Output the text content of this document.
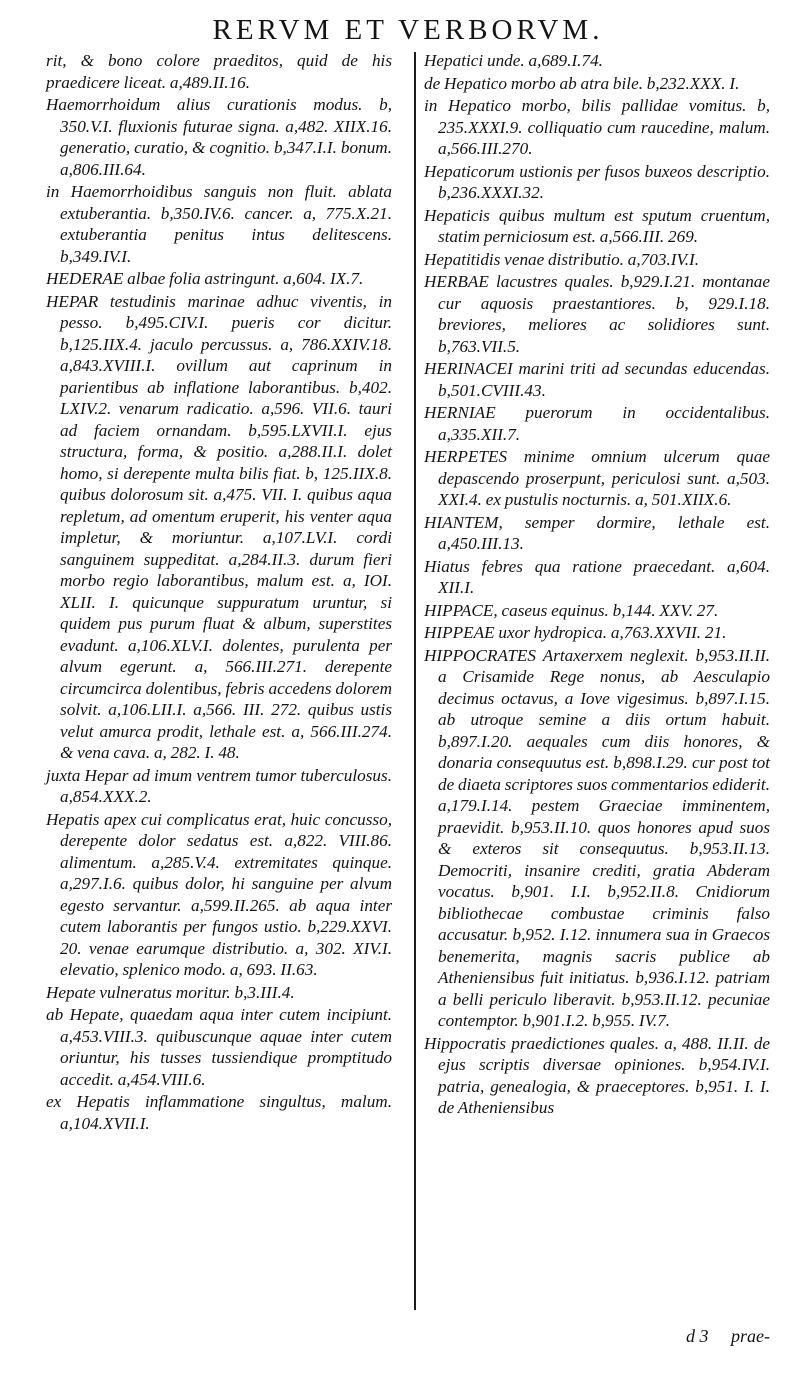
RERVM ET VERBORVM.

rit, & bono colore praeditos, quid de his praedicere liceat. a,489.II.16.

Haemorrhoidum alius curationis modus. b, 350.V.I. fluxionis futurae signa. a,482. XIIX.16. generatio, curatio, & cognitio. b,347.I.I. bonum. a,806.III.64.

in Haemorrhoidibus sanguis non fluit. ablata extuberantia. b,350.IV.6. cancer. a, 775.X.21. extuberantia penitus intus delitescens. b,349.IV.I.

HEDERAE albae folia astringunt. a,604. IX.7.

HEPAR testudinis marinae adhuc viventis, in pesso. b,495.CIV.I. pueris cor dicitur. b,125.IIX.4. jaculo percussus. a, 786.XXIV.18. a,843.XVIII.I. ovillum aut caprinum in parientibus ab inflatione laborantibus. b,402. LXIV.2. venarum radicatio. a,596. VII.6. tauri ad faciem ornandam. b,595.LXVII.I. ejus structura, forma, & positio. a,288.II.I. dolet homo, si derepente multa bilis fiat. b, 125.IIX.8. quibus dolorosum sit. a,475. VII. I. quibus aqua repletum, ad omentum eruperit, his venter aqua impletur, & moriuntur. a,107.LV.I. cordi sanguinem suppeditat. a,284.II.3. durum fieri morbo regio laborantibus, malum est. a, IOI. XLII. I. quicunque suppuratum uruntur, si quidem pus purum fluat & album, superstites evadunt. a,106.XLV.I. dolentes, purulenta per alvum egerunt. a, 566.III.271. derepente circumcirca dolentibus, febris accedens dolorem solvit. a,106.LII.I. a,566. III. 272. quibus ustis velut amurca prodit, lethale est. a, 566.III.274. & vena cava. a, 282. I. 48.

juxta Hepar ad imum ventrem tumor tuberculosus. a,854.XXX.2.

Hepatis apex cui complicatus erat, huic concusso, derepente dolor sedatus est. a,822. VIII.86. alimentum. a,285.V.4. extremitates quinque. a,297.I.6. quibus dolor, hi sanguine per alvum egesto servantur. a,599.II.265. ab aqua inter cutem laborantis per fungos ustio. b,229.XXVI. 20. venae earumque distributio. a, 302. XIV.I. elevatio, splenico modo. a, 693. II.63.

Hepate vulneratus moritur. b,3.III.4.

ab Hepate, quaedam aqua inter cutem incipiunt. a,453.VIII.3. quibuscunque aquae inter cutem oriuntur, his tusses tussiendique promptitudo accedit. a,454.VIII.6.

ex Hepatis inflammatione singultus, malum. a,104.XVII.I.

Hepatici unde. a,689.I.74.

de Hepatico morbo ab atra bile. b,232.XXX. I.

in Hepatico morbo, bilis pallidae vomitus. b, 235.XXXI.9. colliquatio cum raucedine, malum. a,566.III.270.

Hepaticorum ustionis per fusos buxeos descriptio. b,236.XXXI.32.

Hepaticis quibus multum est sputum cruentum, statim perniciosum est. a,566.III. 269.

Hepatitidis venae distributio. a,703.IV.I.

HERBAE lacustres quales. b,929.I.21. montanae cur aquosis praestantiores. b, 929.I.18. breviores, meliores ac solidiores sunt. b,763.VII.5.

HERINACEI marini triti ad secundas educendas. b,501.CVIII.43.

HERNIAE puerorum in occidentalibus. a,335.XII.7.

HERPETES minime omnium ulcerum quae depascendo proserpunt, periculosi sunt. a,503. XXI.4. ex pustulis nocturnis. a, 501.XIIX.6.

HIANTEM, semper dormire, lethale est. a,450.III.13.

Hiatus febres qua ratione praecedant. a,604. XII.I.

HIPPACE, caseus equinus. b,144. XXV. 27.

HIPPEAE uxor hydropica. a,763.XXVII. 21.

HIPPOCRATES Artaxerxem neglexit. b,953.II.II. a Crisamide Rege nonus, ab Aesculapio decimus octavus, a Iove vigesimus. b,897.I.15. ab utroque semine a diis ortum habuit. b,897.I.20. aequales cum diis honores, & donaria consequutus est. b,898.I.29. cur post tot de diaeta scriptores suos commentarios ediderit. a,179.I.14. pestem Graeciae imminentem, praevidit. b,953.II.10. quos honores apud suos & exteros sit consequutus. b,953.II.13. Democriti, insanire crediti, gratia Abderam vocatus. b,901. I.I. b,952.II.8. Cnidiorum bibliothecae combustae criminis falso accusatur. b,952. I.12. innumera sua in Graecos benemerita, magnis sacris publice ab Atheniensibus fuit initiatus. b,936.I.12. patriam a belli periculo liberavit. b,953.II.12. pecuniae contemptor. b,901.I.2. b,955. IV.7.

Hippocratis praedictiones quales. a, 488. II.II. de ejus scriptis diversae opiniones. b,954.IV.I. patria, genealogia, & praeceptores. b,951. I. I. de Atheniensibus

d 3 prae-
